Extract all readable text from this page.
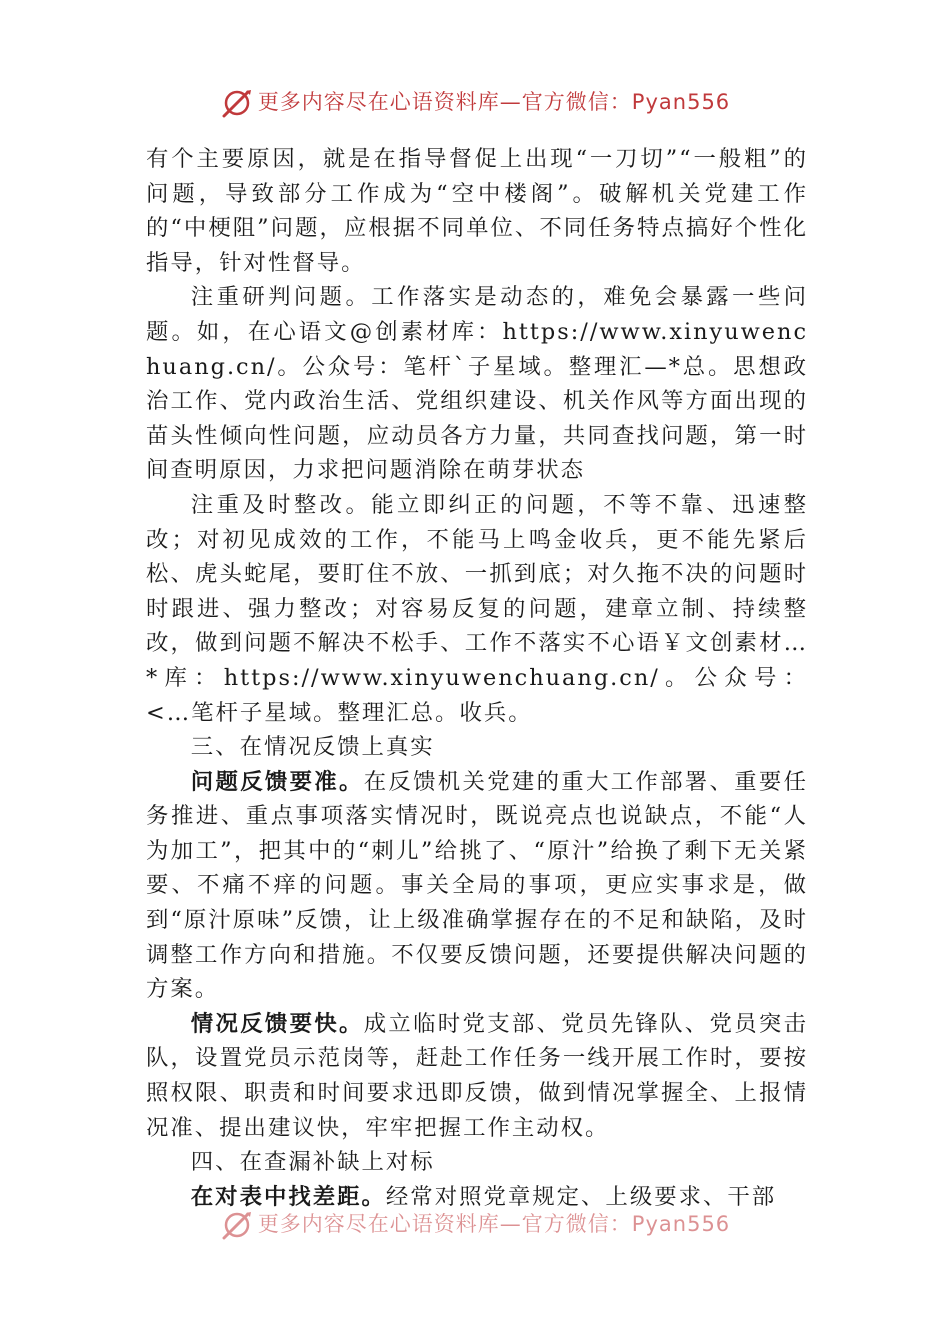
更多内容尽在心语资料库—官方微信：Pyan556

有个主要原因，就是在指导督促上出现“一刀切”“一般粗”的问题，导致部分工作成为“空中楼阁”。破解机关党建工作的“中梗阻”问题，应根据不同单位、不同任务特点搞好个性化指导，针对性督导。

注重研判问题。工作落实是动态的，难免会暴露一些问题。如，在心语文@创素材库：https://www.xinyuwenchuang.cn/。公众号：笔杆`子星域。整理汇—*总。思想政治工作、党内政治生活、党组织建设、机关作风等方面出现的苗头性倾向性问题，应动员各方力量，共同查找问题，第一时间查明原因，力求把问题消除在萌芽状态

注重及时整改。能立即纠正的问题，不等不靠、迅速整改；对初见成效的工作，不能马上鸣金收兵，更不能先紧后松、虎头蛇尾，要盯住不放、一抓到底；对久拖不决的问题时时跟进、强力整改；对容易反复的问题，建章立制、持续整改，做到问题不解决不松手、工作不落实不心语￥文创素材…*库：https://www.xinyuwenchuang.cn/。公众号：<…笔杆子星域。整理汇总。收兵。

三、在情况反馈上真实

问题反馈要准。在反馈机关党建的重大工作部署、重要任务推进、重点事项落实情况时，既说亮点也说缺点，不能“人为加工”，把其中的“刺儿”给挑了、“原汁”给换了剩下无关紧要、不痛不痒的问题。事关全局的事项，更应实事求是，做到“原汁原味”反馈，让上级准确掌握存在的不足和缺陷，及时调整工作方向和措施。不仅要反馈问题，还要提供解决问题的方案。

情况反馈要快。成立临时党支部、党员先锋队、党员突击队，设置党员示范岗等，赶赴工作任务一线开展工作时，要按照权限、职责和时间要求迅即反馈，做到情况掌握全、上报情况准、提出建议快，牢牢把握工作主动权。

四、在查漏补缺上对标

在对表中找差距。经常对照党章规定、上级要求、干部

更多内容尽在心语资料库—官方微信：Pyan556
